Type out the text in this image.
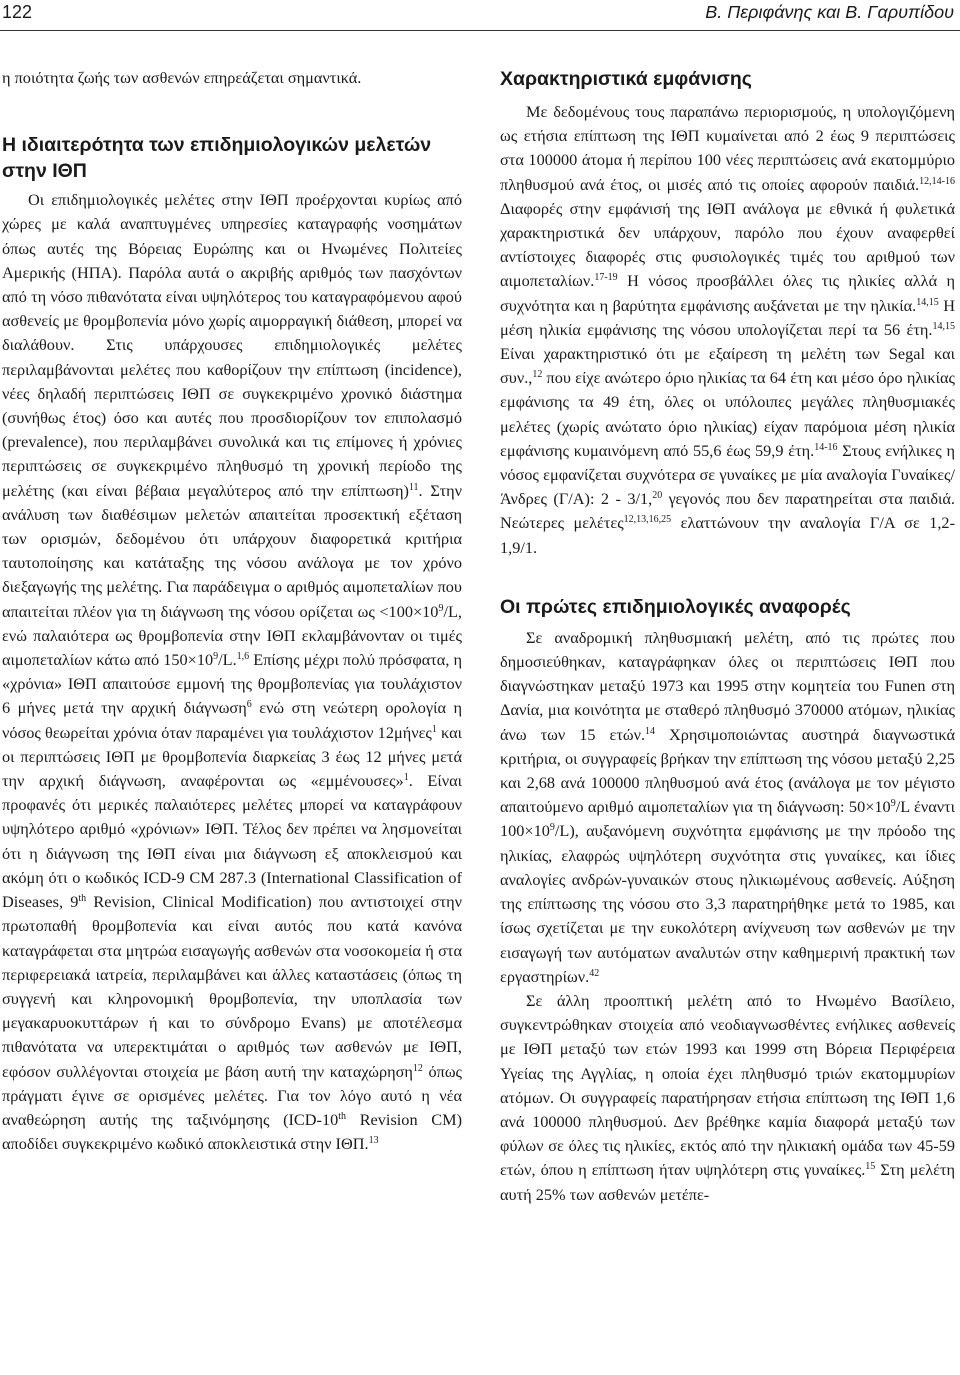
122	Β. Περιφάνης και Β. Γαρυπίδου

η ποιότητα ζωής των ασθενών επηρεάζεται σημαντικά.

Η ιδιαιτερότητα των επιδημιολογικών μελετών στην ΙΘΠ

Οι επιδημιολογικές μελέτες στην ΙΘΠ προέρχονται κυρίως από χώρες με καλά αναπτυγμένες υπηρεσίες καταγραφής νοσημάτων όπως αυτές της Βόρειας Ευρώπης και οι Ηνωμένες Πολιτείες Αμερικής (ΗΠΑ). Παρόλα αυτά ο ακριβής αριθμός των πασχόντων από τη νόσο πιθανότατα είναι υψηλότερος του καταγραφόμενου αφού ασθενείς με θρομβοπενία μόνο χωρίς αιμορραγική διάθεση, μπορεί να διαλάθουν. Στις υπάρχουσες επιδημιολογικές μελέτες περιλαμβάνονται μελέτες που καθορίζουν την επίπτωση (incidence), νέες δηλαδή περιπτώσεις ΙΘΠ σε συγκεκριμένο χρονικό διάστημα (συνήθως έτος) όσο και αυτές που προσδιορίζουν τον επιπολασμό (prevalence), που περιλαμβάνει συνολικά και τις επίμονες ή χρόνιες περιπτώσεις σε συγκεκριμένο πληθυσμό τη χρονική περίοδο της μελέτης (και είναι βέβαια μεγαλύτερος από την επίπτωση)$^{11}$. Στην ανάλυση των διαθέσιμων μελετών απαιτείται προσεκτική εξέταση των ορισμών, δεδομένου ότι υπάρχουν διαφορετικά κριτήρια ταυτοποίησης και κατάταξης της νόσου ανάλογα με τον χρόνο διεξαγωγής της μελέτης. Για παράδειγμα ο αριθμός αιμοπεταλίων που απαιτείται πλέον για τη διάγνωση της νόσου ορίζεται $\omega\varsigma <100\times 10^9/L$, ενώ παλαιότερα ως θρομβοπενία στην ΙΘΠ εκλαμβάνονταν οι τιμές αιμοπεταλίων κάτω από $150\times 10^9/L.^{1,6}$ Επίσης μέχρι πολύ πρόσφατα, η «χρόνια» ΙΘΠ απαιτούσε εμμονή της θρομβοπενίας για τουλάχιστον 6 μήνες μετά την αρχική διάγνωση$^6$ ενώ στη νεώτερη ορολογία η νόσος θεωρείται χρόνια όταν παραμένει για τουλάχιστον 12μήνες$^1$ και οι περιπτώσεις ΙΘΠ με θρομβοπενία διαρκείας 3 έως 12 μήνες μετά την αρχική διάγνωση, αναφέρονται ως «εμμένουσες»$^1$. Είναι προφανές ότι μερικές παλαιότερες μελέτες μπορεί να καταγράφουν υψηλότερο αριθμό «χρόνιων» ΙΘΠ. Τέλος δεν πρέπει να λησμονείται ότι η διάγνωση της ΙΘΠ είναι μια διάγνωση εξ αποκλεισμού και ακόμη ότι ο κωδικός ICD-9 CM 287.3 (International Classification of Diseases, 9th Revision, Clinical Modification) που αντιστοιχεί στην πρωτοπαθή θρομβοπενία και είναι αυτός που κατά κανόνα καταγράφεται στα μητρώα εισαγωγής ασθενών στα νοσοκομεία ή στα περιφερειακά ιατρεία, περιλαμβάνει και άλλες καταστάσεις (όπως τη συγγενή και κληρονομική θρομβοπενία, την υποπλασία των μεγακαρυοκυττάρων ή και το σύνδρομο Evans) με αποτέλεσμα πιθανότατα να υπερεκτιμάται ο αριθμός των ασθενών με ΙΘΠ, εφόσον συλλέγονται στοιχεία με βάση αυτή την καταχώρηση$^{12}$ όπως πράγματι έγινε σε ορισμένες μελέτες. Για τον λόγο αυτό η νέα αναθεώρηση αυτής της ταξινόμησης (ICD-10th Revision CM) αποδίδει συγκεκριμένο κωδικό αποκλειστικά στην ΙΘΠ.$^{13}$

Χαρακτηριστικά εμφάνισης

Με δεδομένους τους παραπάνω περιορισμούς, η υπολογιζόμενη ως ετήσια επίπτωση της ΙΘΠ κυμαίνεται από 2 έως 9 περιπτώσεις στα 100000 άτομα ή περίπου 100 νέες περιπτώσεις ανά εκατομμύριο πληθυσμού ανά έτος, οι μισές από τις οποίες αφορούν παιδιά.$^{12,14-16}$ Διαφορές στην εμφάνισή της ΙΘΠ ανάλογα με εθνικά ή φυλετικά χαρακτηριστικά δεν υπάρχουν, παρόλο που έχουν αναφερθεί αντίστοιχες διαφορές στις φυσιολογικές τιμές του αριθμού των αιμοπεταλίων.$^{17-19}$ Η νόσος προσβάλλει όλες τις ηλικίες αλλά η συχνότητα και η βαρύτητα εμφάνισης αυξάνεται με την ηλικία.$^{14,15}$ Η μέση ηλικία εμφάνισης της νόσου υπολογίζεται περί τα 56 έτη.$^{14,15}$ Είναι χαρακτηριστικό ότι με εξαίρεση τη μελέτη των Segal και συν.,$^{12}$ που είχε ανώτερο όριο ηλικίας τα 64 έτη και μέσο όρο ηλικίας εμφάνισης τα 49 έτη, όλες οι υπόλοιπες μεγάλες πληθυσμιακές μελέτες (χωρίς ανώτατο όριο ηλικίας) είχαν παρόμοια μέση ηλικία εμφάνισης κυμαινόμενη από 55,6 έως 59,9 έτη.$^{14-16}$ Στους ενήλικες η νόσος εμφανίζεται συχνότερα σε γυναίκες με μία αναλογία Γυναίκες/Άνδρες (Γ/Α): 2 - 3/1,20 γεγονός που δεν παρατηρείται στα παιδιά. Νεώτερες μελέτες$^{12,13,16,25}$ ελαττώνουν την αναλογία Γ/Α σε 1,2- 1,9/1.

Οι πρώτες επιδημιολογικές αναφορές

Σε αναδρομική πληθυσμιακή μελέτη, από τις πρώτες που δημοσιεύθηκαν, καταγράφηκαν όλες οι περιπτώσεις ΙΘΠ που διαγνώστηκαν μεταξύ 1973 και 1995 στην κομητεία του Funen στη Δανία, μια κοινότητα με σταθερό πληθυσμό 370000 ατόμων, ηλικίας άνω των 15 ετών.$^{14}$ Χρησιμοποιώντας αυστηρά διαγνωστικά κριτήρια, οι συγγραφείς βρήκαν την επίπτωση της νόσου μεταξύ 2,25 και 2,68 ανά 100000 πληθυσμού ανά έτος (ανάλογα με τον μέγιστο απαιτούμενο αριθμό αιμοπεταλίων για τη διάγνωση: $50\times 10^9/L$ έναντι $100\times 10^9/L$), αυξανόμενη συχνότητα εμφάνισης με την πρόοδο της ηλικίας, ελαφρώς υψηλότερη συχνότητα στις γυναίκες, και ίδιες αναλογίες ανδρών-γυναικών στους ηλικιωμένους ασθενείς. Αύξηση της επίπτωσης της νόσου στο 3,3 παρατηρήθηκε μετά το 1985, και ίσως σχετίζεται με την ευκολότερη ανίχνευση των ασθενών με την εισαγωγή των αυτόματων αναλυτών στην καθημερινή πρακτική των εργαστηρίων.$^{42}$

Σε άλλη προοπτική μελέτη από το Ηνωμένο Βασίλειο, συγκεντρώθηκαν στοιχεία από νεοδιαγνωσθέντες ενήλικες ασθενείς με ΙΘΠ μεταξύ των ετών 1993 και 1999 στη Βόρεια Περιφέρεια Υγείας της Αγγλίας, η οποία έχει πληθυσμό τριών εκατομμυρίων ατόμων. Οι συγγραφείς παρατήρησαν ετήσια επίπτωση της ΙΘΠ 1,6 ανά 100000 πληθυσμού. Δεν βρέθηκε καμία διαφορά μεταξύ των φύλων σε όλες τις ηλικίες, εκτός από την ηλικιακή ομάδα των 45-59 ετών, όπου η επίπτωση ήταν υψηλότερη στις γυναίκες.$^{15}$ Στη μελέτη αυτή 25% των ασθενών μετέπε-
